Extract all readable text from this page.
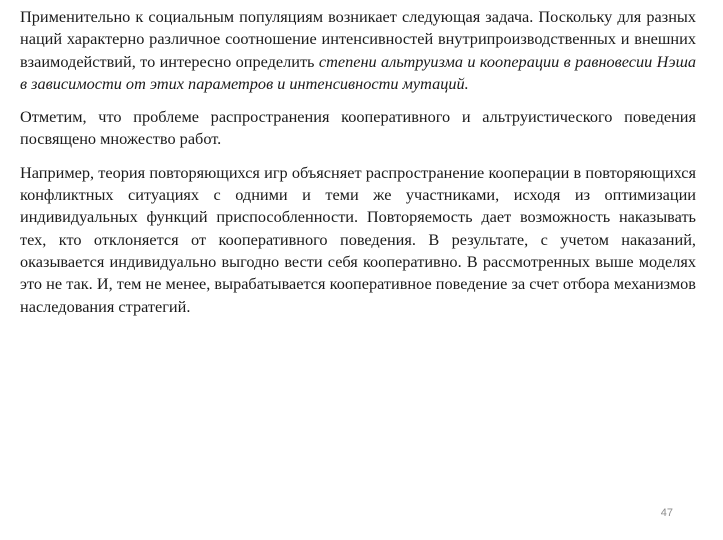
Применительно к социальным популяциям возникает следующая задача. Поскольку для разных наций характерно различное соотношение интенсивностей внутрипроизводственных и внешних взаимодействий, то интересно определить степени альтруизма и кооперации в равновесии Нэша в зависимости от этих параметров и интенсивности мутаций.

Отметим, что проблеме распространения кооперативного и альтруистического поведения посвящено множество работ.

Например, теория повторяющихся игр объясняет распространение кооперации в повторяющихся конфликтных ситуациях с одними и теми же участниками, исходя из оптимизации индивидуальных функций приспособленности. Повторяемость дает возможность наказывать тех, кто отклоняется от кооперативного поведения. В результате, с учетом наказаний, оказывается индивидуально выгодно вести себя кооперативно. В рассмотренных выше моделях это не так. И, тем не менее, вырабатывается кооперативное поведение за счет отбора механизмов наследования стратегий.

47
